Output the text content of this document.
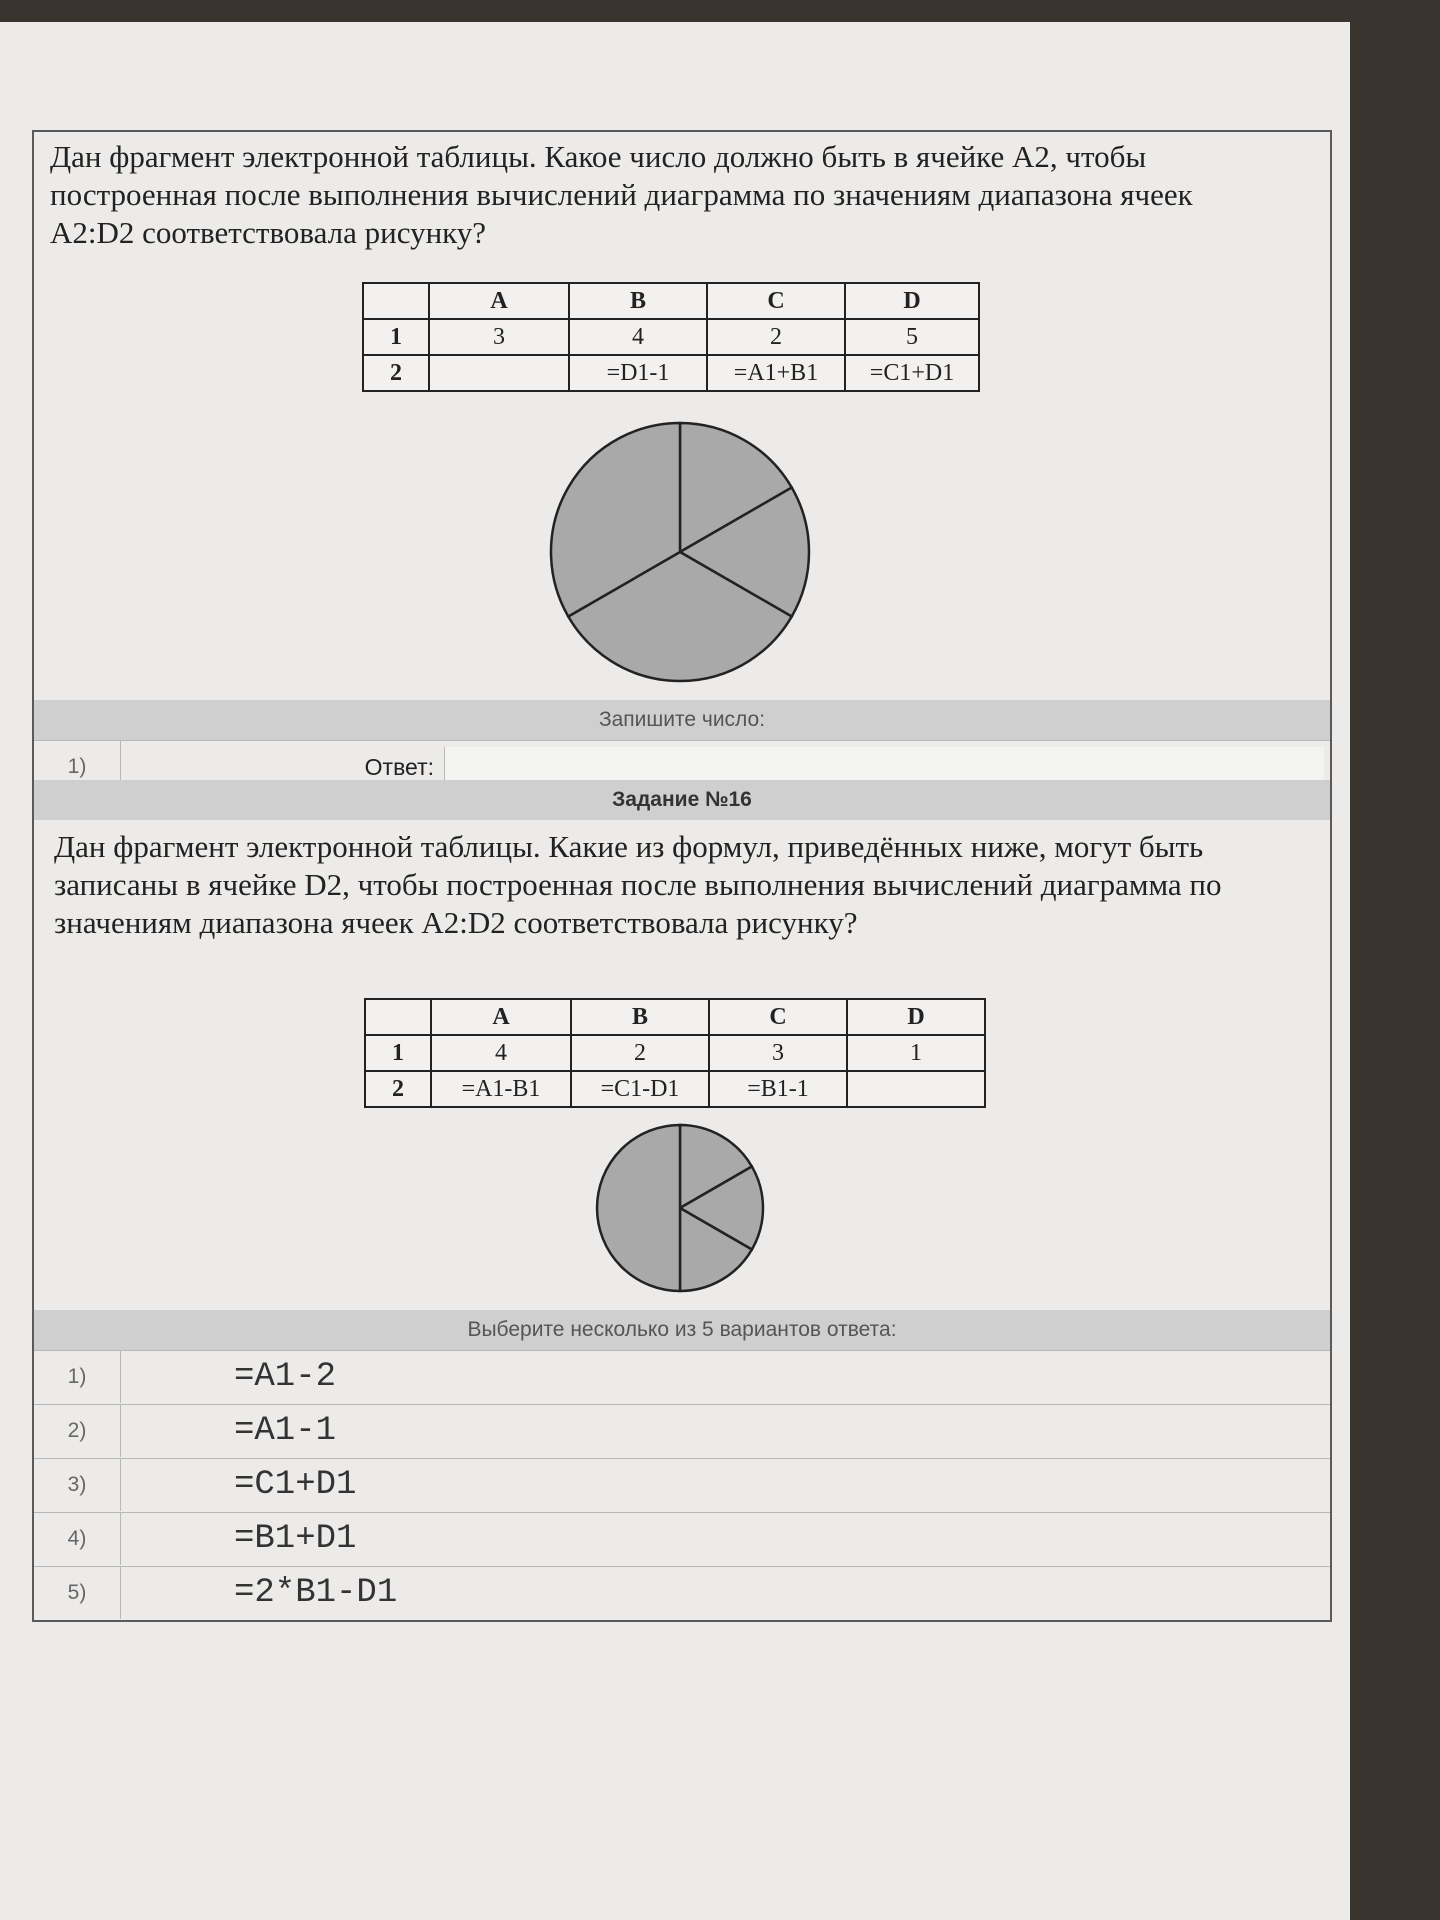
Дан фрагмент электронной таблицы. Какое число должно быть в ячейке A2, чтобы построенная после выполнения вычислений диаграмма по значениям диапазона ячеек A2:D2 соответствовала рисунку?
	A	B	C	D
1	3	4	2	5
2		=D1-1	=A1+B1	=C1+D1
Запишите число:
1)	Ответ:
Задание №16
Дан фрагмент электронной таблицы. Какие из формул, приведённых ниже, могут быть записаны в ячейке D2, чтобы построенная после выполнения вычислений диаграмма по значениям диапазона ячеек A2:D2 соответствовала рисунку?
	A	B	C	D
1	4	2	3	1
2	=A1-B1	=C1-D1	=B1-1	
Выберите несколько из 5 вариантов ответа:
1)	=A1-2
2)	=A1-1
3)	=C1+D1
4)	=B1+D1
5)	=2*B1-D1
